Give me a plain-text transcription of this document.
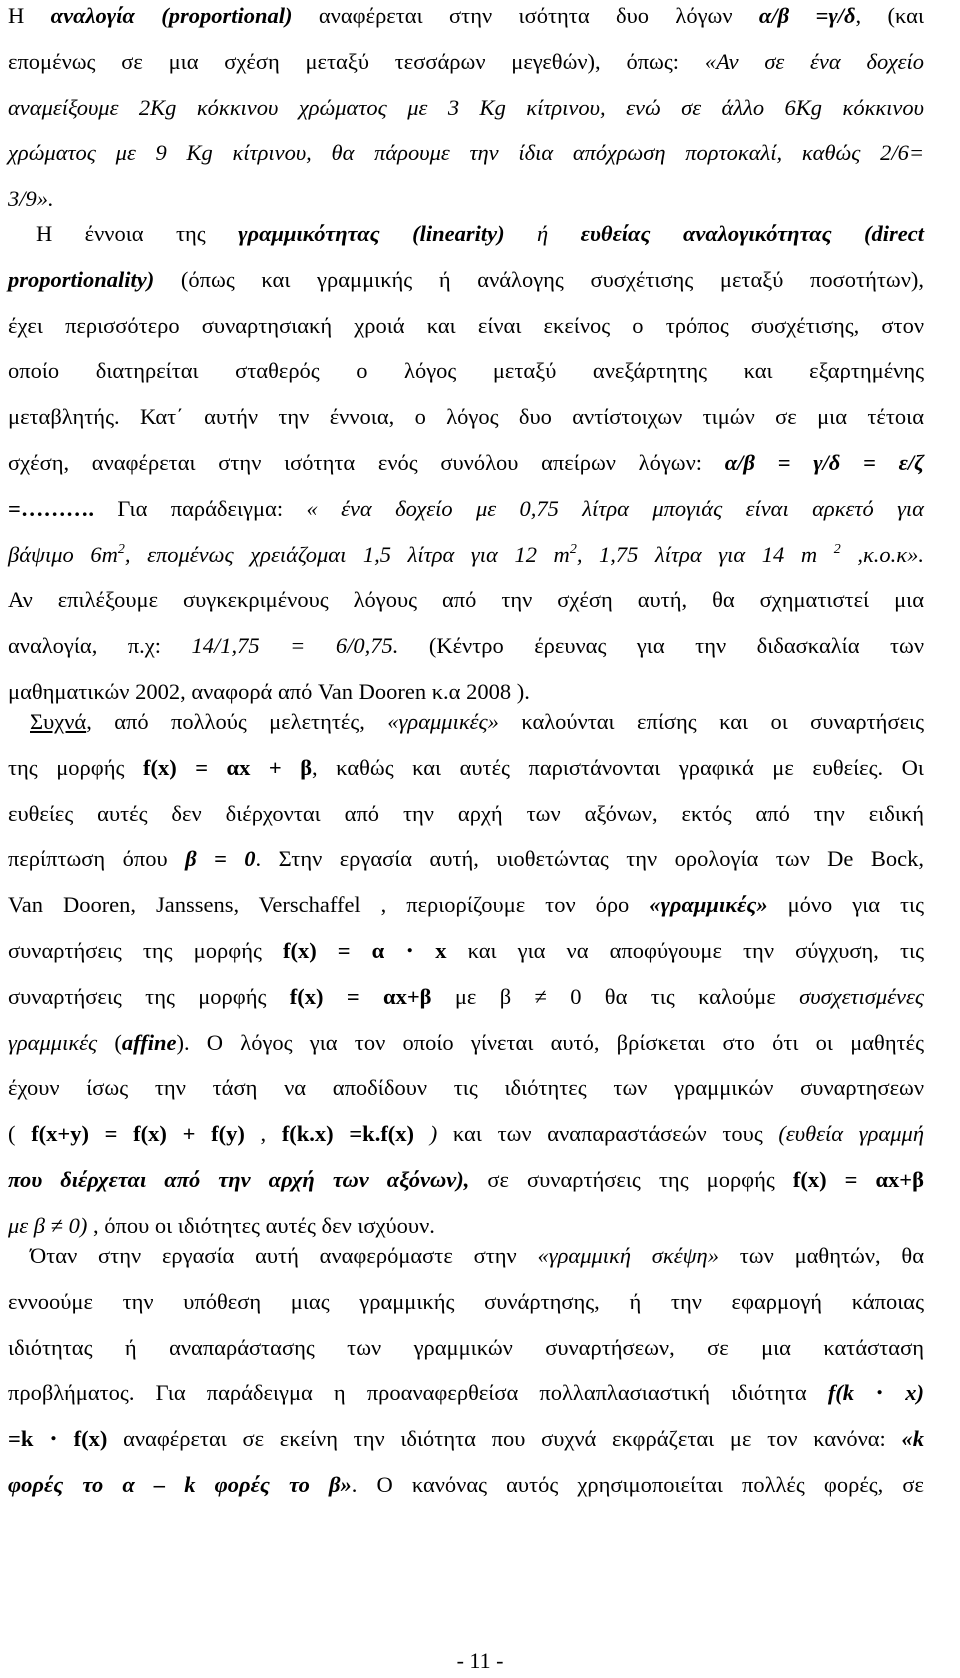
Η αναλογία (proportional) αναφέρεται στην ισότητα δυο λόγων α/β =γ/δ, (και
επομένως σε μια σχέση μεταξύ τεσσάρων μεγεθών), όπως: «Αν σε ένα δοχείο
αναμείξουμε 2Kg κόκκινου χρώματος με 3 Kg κίτρινου, ενώ σε άλλο 6Kg κόκκινου
χρώματος με 9 Kg κίτρινου, θα πάρουμε την ίδια απόχρωση πορτοκαλί, καθώς 2/6=
3/9».
Η έννοια της γραμμικότητας (linearity) ή ευθείας αναλογικότητας (direct
proportionality) (όπως και γραμμικής ή ανάλογης συσχέτισης μεταξύ ποσοτήτων),
έχει περισσότερο συναρτησιακή χροιά και είναι εκείνος ο τρόπος συσχέτισης, στον
οποίο διατηρείται σταθερός ο λόγος μεταξύ ανεξάρτητης και εξαρτημένης
μεταβλητής. Κατ΄ αυτήν την έννοια, ο λόγος δυο αντίστοιχων τιμών σε μια τέτοια
σχέση, αναφέρεται στην ισότητα ενός συνόλου απείρων λόγων: α/β = γ/δ = ε/ζ
=………. Για παράδειγμα: « ένα δοχείο με 0,75 λίτρα μπογιάς είναι αρκετό για
βάψιμο $6m^2$, επομένως χρειάζομαι 1,5 λίτρα για 12 $m^2$, 1,75 λίτρα για 14 m $^2$ ,κ.ο.κ».
Αν επιλέξουμε συγκεκριμένους λόγους από την σχέση αυτή, θα σχηματιστεί μια
αναλογία, π.χ: 14/1,75 = 6/0,75. (Κέντρο έρευνας για την διδασκαλία των
μαθηματικών 2002, αναφορά από Van Dooren κ.α 2008 ).
Συχνά, από πολλούς μελετητές, «γραμμικές» καλούνται επίσης και οι συναρτήσεις
της μορφής f(x) = αx + β, καθώς και αυτές παριστάνονται γραφικά με ευθείες. Οι
ευθείες αυτές δεν διέρχονται από την αρχή των αξόνων, εκτός από την ειδική
περίπτωση όπου β = 0. Στην εργασία αυτή, υιοθετώντας την ορολογία των De Bock,
Van Dooren, Janssens, Verschaffel , περιορίζουμε τον όρο «γραμμικές» μόνο για τις
συναρτήσεις της μορφής f(x) = α ⋅ x και για να αποφύγουμε την σύγχυση, τις
συναρτήσεις της μορφής f(x) = αx+β με β ≠ 0 θα τις καλούμε συσχετισμένες
γραμμικές (affine). Ο λόγος για τον οποίο γίνεται αυτό, βρίσκεται στο ότι οι μαθητές
έχουν ίσως την τάση να αποδίδουν τις ιδιότητες των γραμμικών συναρτησεων
( f(x+y) = f(x) + f(y) , f(k.x) =k.f(x) ) και των αναπαραστάσεών τους (ευθεία γραμμή
που διέρχεται από την αρχή των αξόνων), σε συναρτήσεις της μορφής f(x) = αx+β
με β ≠ 0) , όπου οι ιδιότητες αυτές δεν ισχύουν.
Όταν στην εργασία αυτή αναφερόμαστε στην «γραμμική σκέψη» των μαθητών, θα
εννοούμε την υπόθεση μιας γραμμικής συνάρτησης, ή την εφαρμογή κάποιας
ιδιότητας ή αναπαράστασης των γραμμικών συναρτήσεων, σε μια κατάσταση
προβλήματος. Για παράδειγμα η προαναφερθείσα πολλαπλασιαστική ιδιότητα f(k ⋅ x)
=k ⋅ f(x) αναφέρεται σε εκείνη την ιδιότητα που συχνά εκφράζεται με τον κανόνα: «k
φορές το α – k φορές το β». Ο κανόνας αυτός χρησιμοποιείται πολλές φορές, σε
- 11 -
